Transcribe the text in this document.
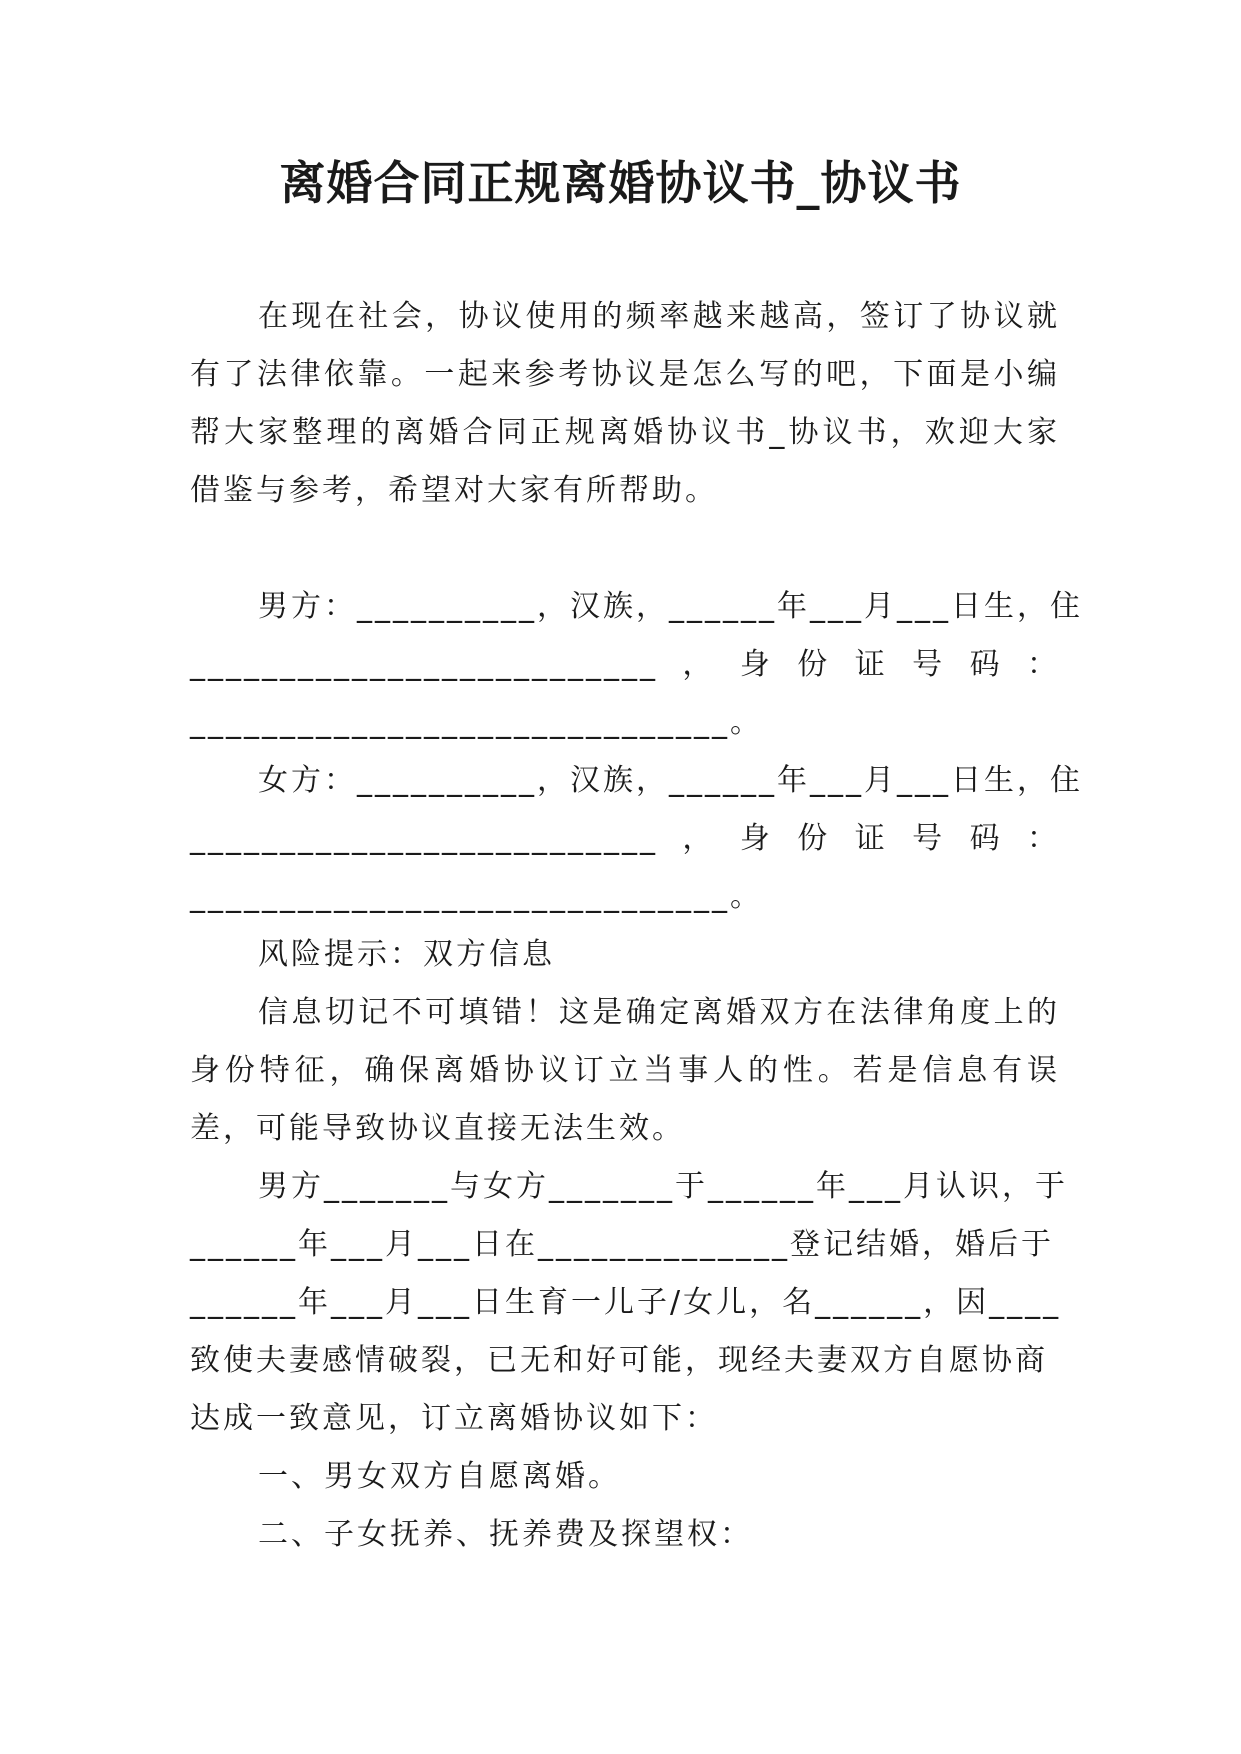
离婚合同正规离婚协议书_协议书

在现在社会，协议使用的频率越来越高，签订了协议就有了法律依靠。一起来参考协议是怎么写的吧，下面是小编帮大家整理的离婚合同正规离婚协议书_协议书，欢迎大家借鉴与参考，希望对大家有所帮助。

男方：__________，汉族，______年___月___日生，住
__________________________，身份证号码：
______________________________。
女方：__________，汉族，______年___月___日生，住
__________________________，身份证号码：
______________________________。

风险提示：双方信息

信息切记不可填错！这是确定离婚双方在法律角度上的身份特征，确保离婚协议订立当事人的性。若是信息有误差，可能导致协议直接无法生效。

男方_______与女方_______于______年___月认识，于
______年___月___日在______________登记结婚，婚后于
______年___月___日生育一儿子/女儿，名______，因____
致使夫妻感情破裂，已无和好可能，现经夫妻双方自愿协商
达成一致意见，订立离婚协议如下：

一、男女双方自愿离婚。

二、子女抚养、抚养费及探望权：
